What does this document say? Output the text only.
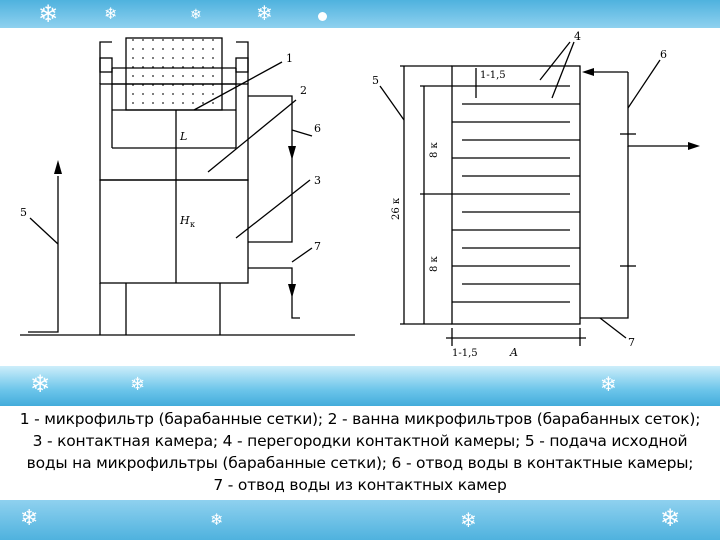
❄	❄	❄	❄
1
2
3
5
6
7
L
H к
4
5
6
7
1-1,5
1-1,5	A
8 к
8 к
26 к
❄	❄	❄
1 - микрофильтр (барабанные сетки); 2 - ванна микрофильтров (барабанных сеток);
3 - контактная камера; 4 - перегородки контактной камеры; 5 - подача исходной
воды на микрофильтры (барабанные сетки); 6 - отвод воды в контактные камеры;
7 - отвод воды из контактных камер
❄	❄	❄	❄
